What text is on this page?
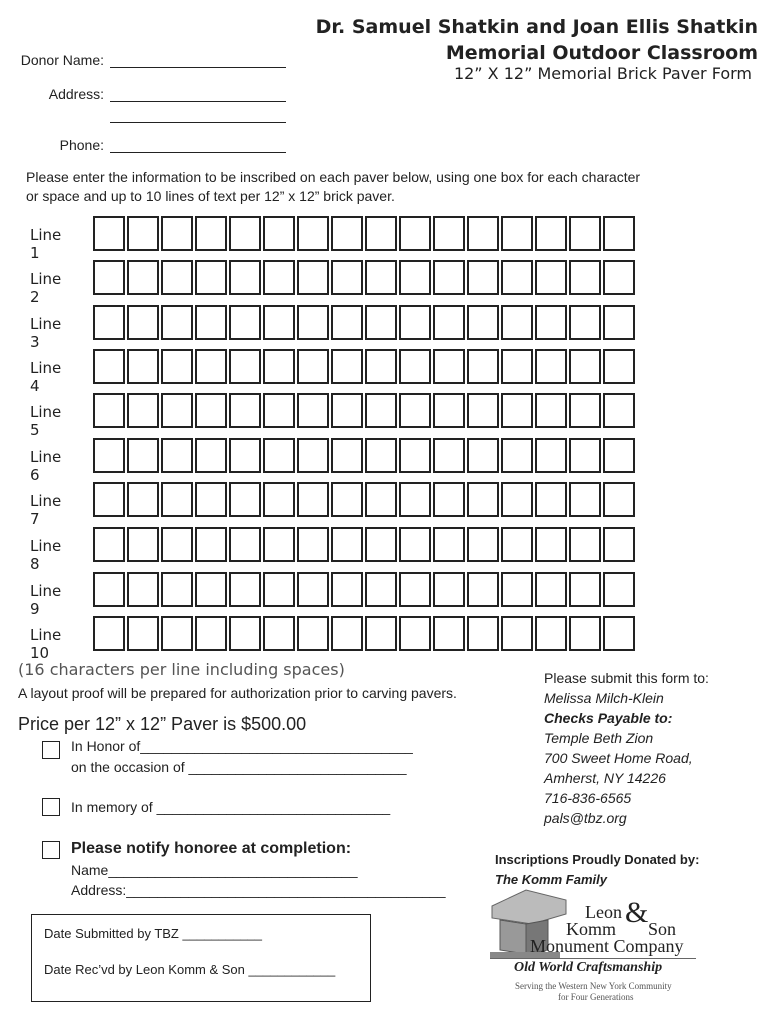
Dr. Samuel Shatkin and Joan Ellis Shatkin
Memorial Outdoor Classroom
12” X 12” Memorial Brick Paver Form
Donor Name:
Address:
Phone:
Please enter the information to be inscribed on each paver below, using one box for each character
or space and up to 10 lines of text per 12” x 12” brick paver.
Line 1
Line 2
Line 3
Line 4
Line 5
Line 6
Line 7
Line 8
Line 9
Line 10
(16 characters per line including spaces)
A layout proof will be prepared for authorization prior to carving pavers.
Price per 12” x 12” Paver is $500.00
In Honor of___________________________________
on the occasion of ____________________________
In memory of ______________________________
Please notify honoree at completion:
Name________________________________
Address:_________________________________________
Please submit this form to:
Melissa Milch-Klein
Checks Payable to:
Temple Beth Zion
700 Sweet Home Road,
Amherst, NY 14226
716-836-6565
pals@tbz.org
Inscriptions Proudly Donated by:
The Komm Family
Leon &
Komm Son
Monument Company
Old World Craftsmanship
Serving the Western New York Community
for Four Generations
Date Submitted by TBZ ___________
Date Rec’vd by Leon Komm & Son ____________
